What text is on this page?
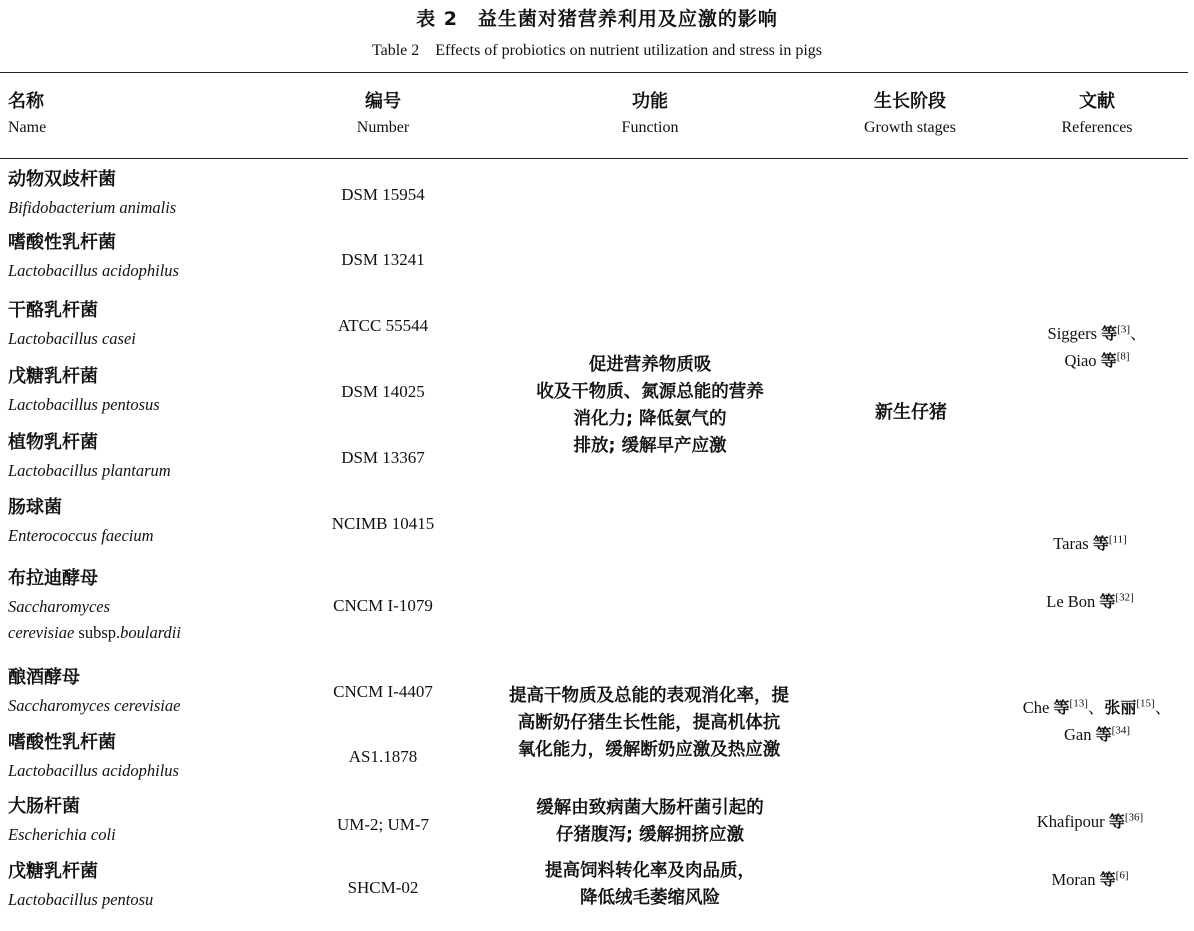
表 2　益生菌对猪营养利用及应激的影响
Table 2　Effects of probiotics on nutrient utilization and stress in pigs
名称
Name
编号
Number
功能
Function
生长阶段
Growth stages
文献
References
动物双歧杆菌
Bifidobacterium animalis
嗜酸性乳杆菌
Lactobacillus acidophilus
干酪乳杆菌
Lactobacillus casei
戊糖乳杆菌
Lactobacillus pentosus
植物乳杆菌
Lactobacillus plantarum
肠球菌
Enterococcus faecium
布拉迪酵母
Saccharomyces
cerevisiae subsp.boulardii
酿酒酵母
Saccharomyces cerevisiae
嗜酸性乳杆菌
Lactobacillus acidophilus
大肠杆菌
Escherichia coli
戊糖乳杆菌
Lactobacillus pentosu
DSM 15954
DSM 13241
ATCC 55544
DSM 14025
DSM 13367
NCIMB 10415
CNCM I-1079
CNCM I-4407
AS1.1878
UM-2; UM-7
SHCM-02
促进营养物质吸
收及干物质、氮源总能的营养
消化力; 降低氨气的
排放; 缓解早产应激
提高干物质及总能的表观消化率，提
高断奶仔猪生长性能，提高机体抗
氧化能力，缓解断奶应激及热应激
缓解由致病菌大肠杆菌引起的
仔猪腹泻; 缓解拥挤应激
提高饲料转化率及肉品质，
降低绒毛萎缩风险
新生仔猪
Siggers 等[3]、
Qiao 等[8]
Taras 等[11]
Le Bon 等[32]
Che 等[13]、张丽[15]、
Gan 等[34]
Khafipour 等[36]
Moran 等[6]
